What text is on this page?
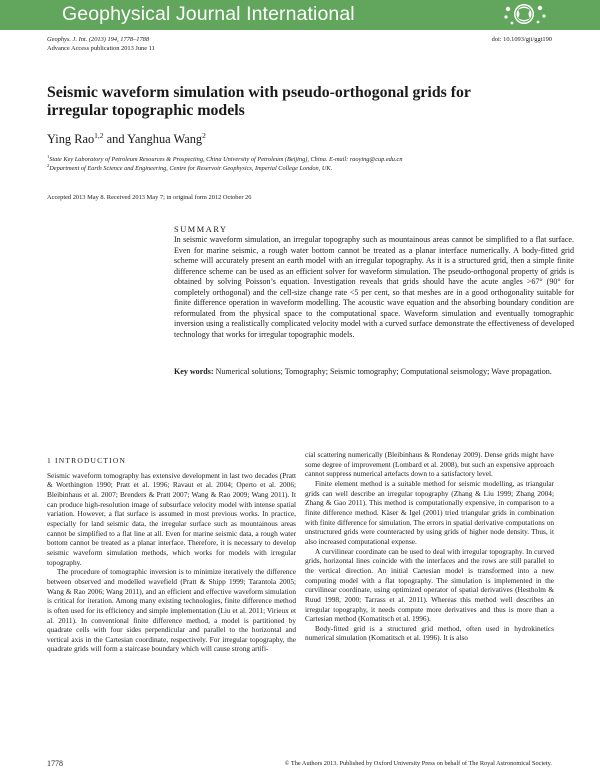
Geophysical Journal International
Geophys. J. Int. (2013) 194, 1778–1788
Advance Access publication 2013 June 11
doi: 10.1093/gji/ggt190
Seismic waveform simulation with pseudo-orthogonal grids for irregular topographic models
Ying Rao$^{1,2}$ and Yanghua Wang$^2$
$^1$State Key Laboratory of Petroleum Resources & Prospecting, China University of Petroleum (Beijing), China. E-mail: raoying@cup.edu.cn
$^2$Department of Earth Science and Engineering, Centre for Reservoir Geophysics, Imperial College London, UK.
Accepted 2013 May 8. Received 2013 May 7; in original form 2012 October 26
SUMMARY

In seismic waveform simulation, an irregular topography such as mountainous areas cannot be simplified to a flat surface. Even for marine seismic, a rough water bottom cannot be treated as a planar interface numerically. A body-fitted grid scheme will accurately present an earth model with an irregular topography. As it is a structured grid, then a simple finite difference scheme can be used as an efficient solver for waveform simulation. The pseudo-orthogonal property of grids is obtained by solving Poisson’s equation. Investigation reveals that grids should have the acute angles >67° (90° for completely orthogonal) and the cell-size change rate <5 per cent, so that meshes are in a good orthogonality suitable for finite difference operation in waveform modelling. The acoustic wave equation and the absorbing boundary condition are reformulated from the physical space to the computational space. Waveform simulation and eventually tomographic inversion using a realistically complicated velocity model with a curved surface demonstrate the effectiveness of developed technology that works for irregular topographic models.

Key words: Numerical solutions; Tomography; Seismic tomography; Computational seismology; Wave propagation.

1 INTRODUCTION

Seismic waveform tomography has extensive development in last two decades (Pratt & Worthington 1990; Pratt et al. 1996; Ravaut et al. 2004; Operto et al. 2006; Bleibinhaus et al. 2007; Brenders & Pratt 2007; Wang & Rao 2009; Wang 2011). It can produce high-resolution image of subsurface velocity model with intense spatial variation. However, a flat surface is assumed in most previous works. In practice, especially for land seismic data, the irregular surface such as mountainous areas cannot be simplified to a flat line at all. Even for marine seismic data, a rough water bottom cannot be treated as a planar interface. Therefore, it is necessary to develop seismic waveform simulation methods, which works for models with irregular topography.

The procedure of tomographic inversion is to minimize iteratively the difference between observed and modelled wavefield (Pratt & Shipp 1999; Tarantola 2005; Wang & Rao 2006; Wang 2011), and an efficient and effective waveform simulation is critical for iteration. Among many existing technologies, finite difference method is often used for its efficiency and simple implementation (Liu et al. 2011; Virieux et al. 2011). In conventional finite difference method, a model is partitioned by quadrate cells with four sides perpendicular and parallel to the horizontal and vertical axis in the Cartesian coordinate, respectively. For irregular topography, the quadrate grids will form a staircase boundary which will cause strong artifi-

cial scattering numerically (Bleibinhaus & Rondenay 2009). Dense grids might have some degree of improvement (Lombard et al. 2008), but such an expensive approach cannot suppress numerical artefacts down to a satisfactory level.

Finite element method is a suitable method for seismic modelling, as triangular grids can well describe an irregular topography (Zhang & Liu 1999; Zhang 2004; Zhang & Gao 2011). This method is computationally expensive, in comparison to a finite difference method. Käser & Igel (2001) tried triangular grids in combination with finite difference for simulation. The errors in spatial derivative computations on unstructured grids were counteracted by using grids of higher node density. Thus, it also increased computational expense.

A curvilinear coordinate can be used to deal with irregular topography. In curved grids, horizontal lines coincide with the interfaces and the rows are still parallel to the vertical direction. An initial Cartesian model is transformed into a new computing model with a flat topography. The simulation is implemented in the curvilinear coordinate, using optimized operator of spatial derivatives (Hestholm & Ruud 1998, 2000; Tarrass et al. 2011). Whereas this method well describes an irregular topography, it needs compute more derivatives and thus is more than a Cartesian method (Komatitsch et al. 1996).

Body-fitted grid is a structured grid method, often used in hydrokinetics numerical simulation (Komatitsch et al. 1996). It is also

1778	© The Authors 2013. Published by Oxford University Press on behalf of The Royal Astronomical Society.
